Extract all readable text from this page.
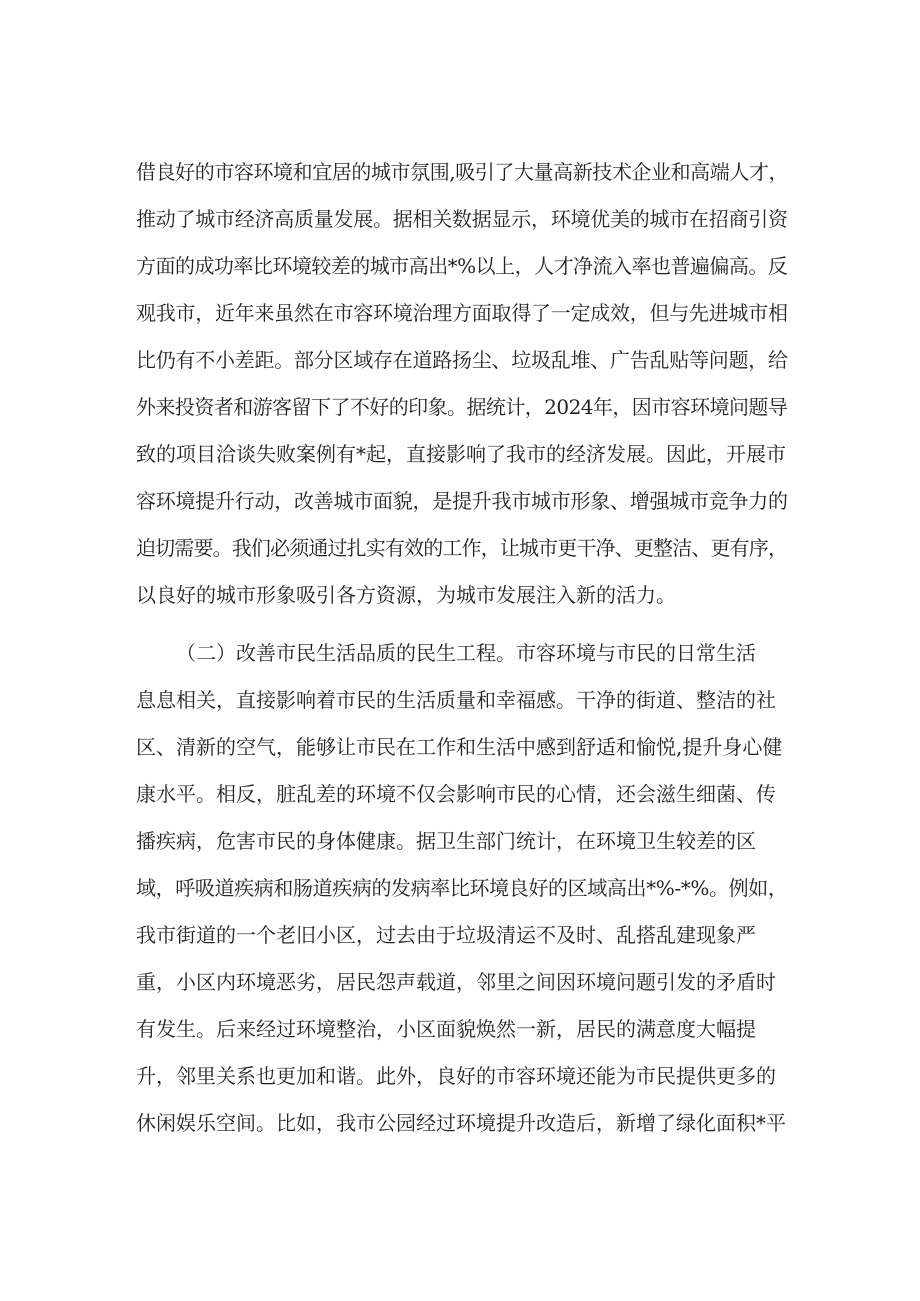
借良好的市容环境和宜居的城市氛围,吸引了大量高新技术企业和高端人才，

推动了城市经济高质量发展。据相关数据显示，环境优美的城市在招商引资

方面的成功率比环境较差的城市高出*%以上，人才净流入率也普遍偏高。反

观我市，近年来虽然在市容环境治理方面取得了一定成效，但与先进城市相

比仍有不小差距。部分区域存在道路扬尘、垃圾乱堆、广告乱贴等问题，给

外来投资者和游客留下了不好的印象。据统计，2024年，因市容环境问题导

致的项目洽谈失败案例有*起，直接影响了我市的经济发展。因此，开展市

容环境提升行动，改善城市面貌，是提升我市城市形象、增强城市竞争力的

迫切需要。我们必须通过扎实有效的工作，让城市更干净、更整洁、更有序，

以良好的城市形象吸引各方资源，为城市发展注入新的活力。

（二）改善市民生活品质的民生工程。市容环境与市民的日常生活

息息相关，直接影响着市民的生活质量和幸福感。干净的街道、整洁的社

区、清新的空气，能够让市民在工作和生活中感到舒适和愉悦,提升身心健

康水平。相反，脏乱差的环境不仅会影响市民的心情，还会滋生细菌、传

播疾病，危害市民的身体健康。据卫生部门统计，在环境卫生较差的区

域，呼吸道疾病和肠道疾病的发病率比环境良好的区域高出*%-*%。例如，

我市街道的一个老旧小区，过去由于垃圾清运不及时、乱搭乱建现象严

重，小区内环境恶劣，居民怨声载道，邻里之间因环境问题引发的矛盾时

有发生。后来经过环境整治，小区面貌焕然一新，居民的满意度大幅提

升，邻里关系也更加和谐。此外，良好的市容环境还能为市民提供更多的

休闲娱乐空间。比如，我市公园经过环境提升改造后，新增了绿化面积*平
